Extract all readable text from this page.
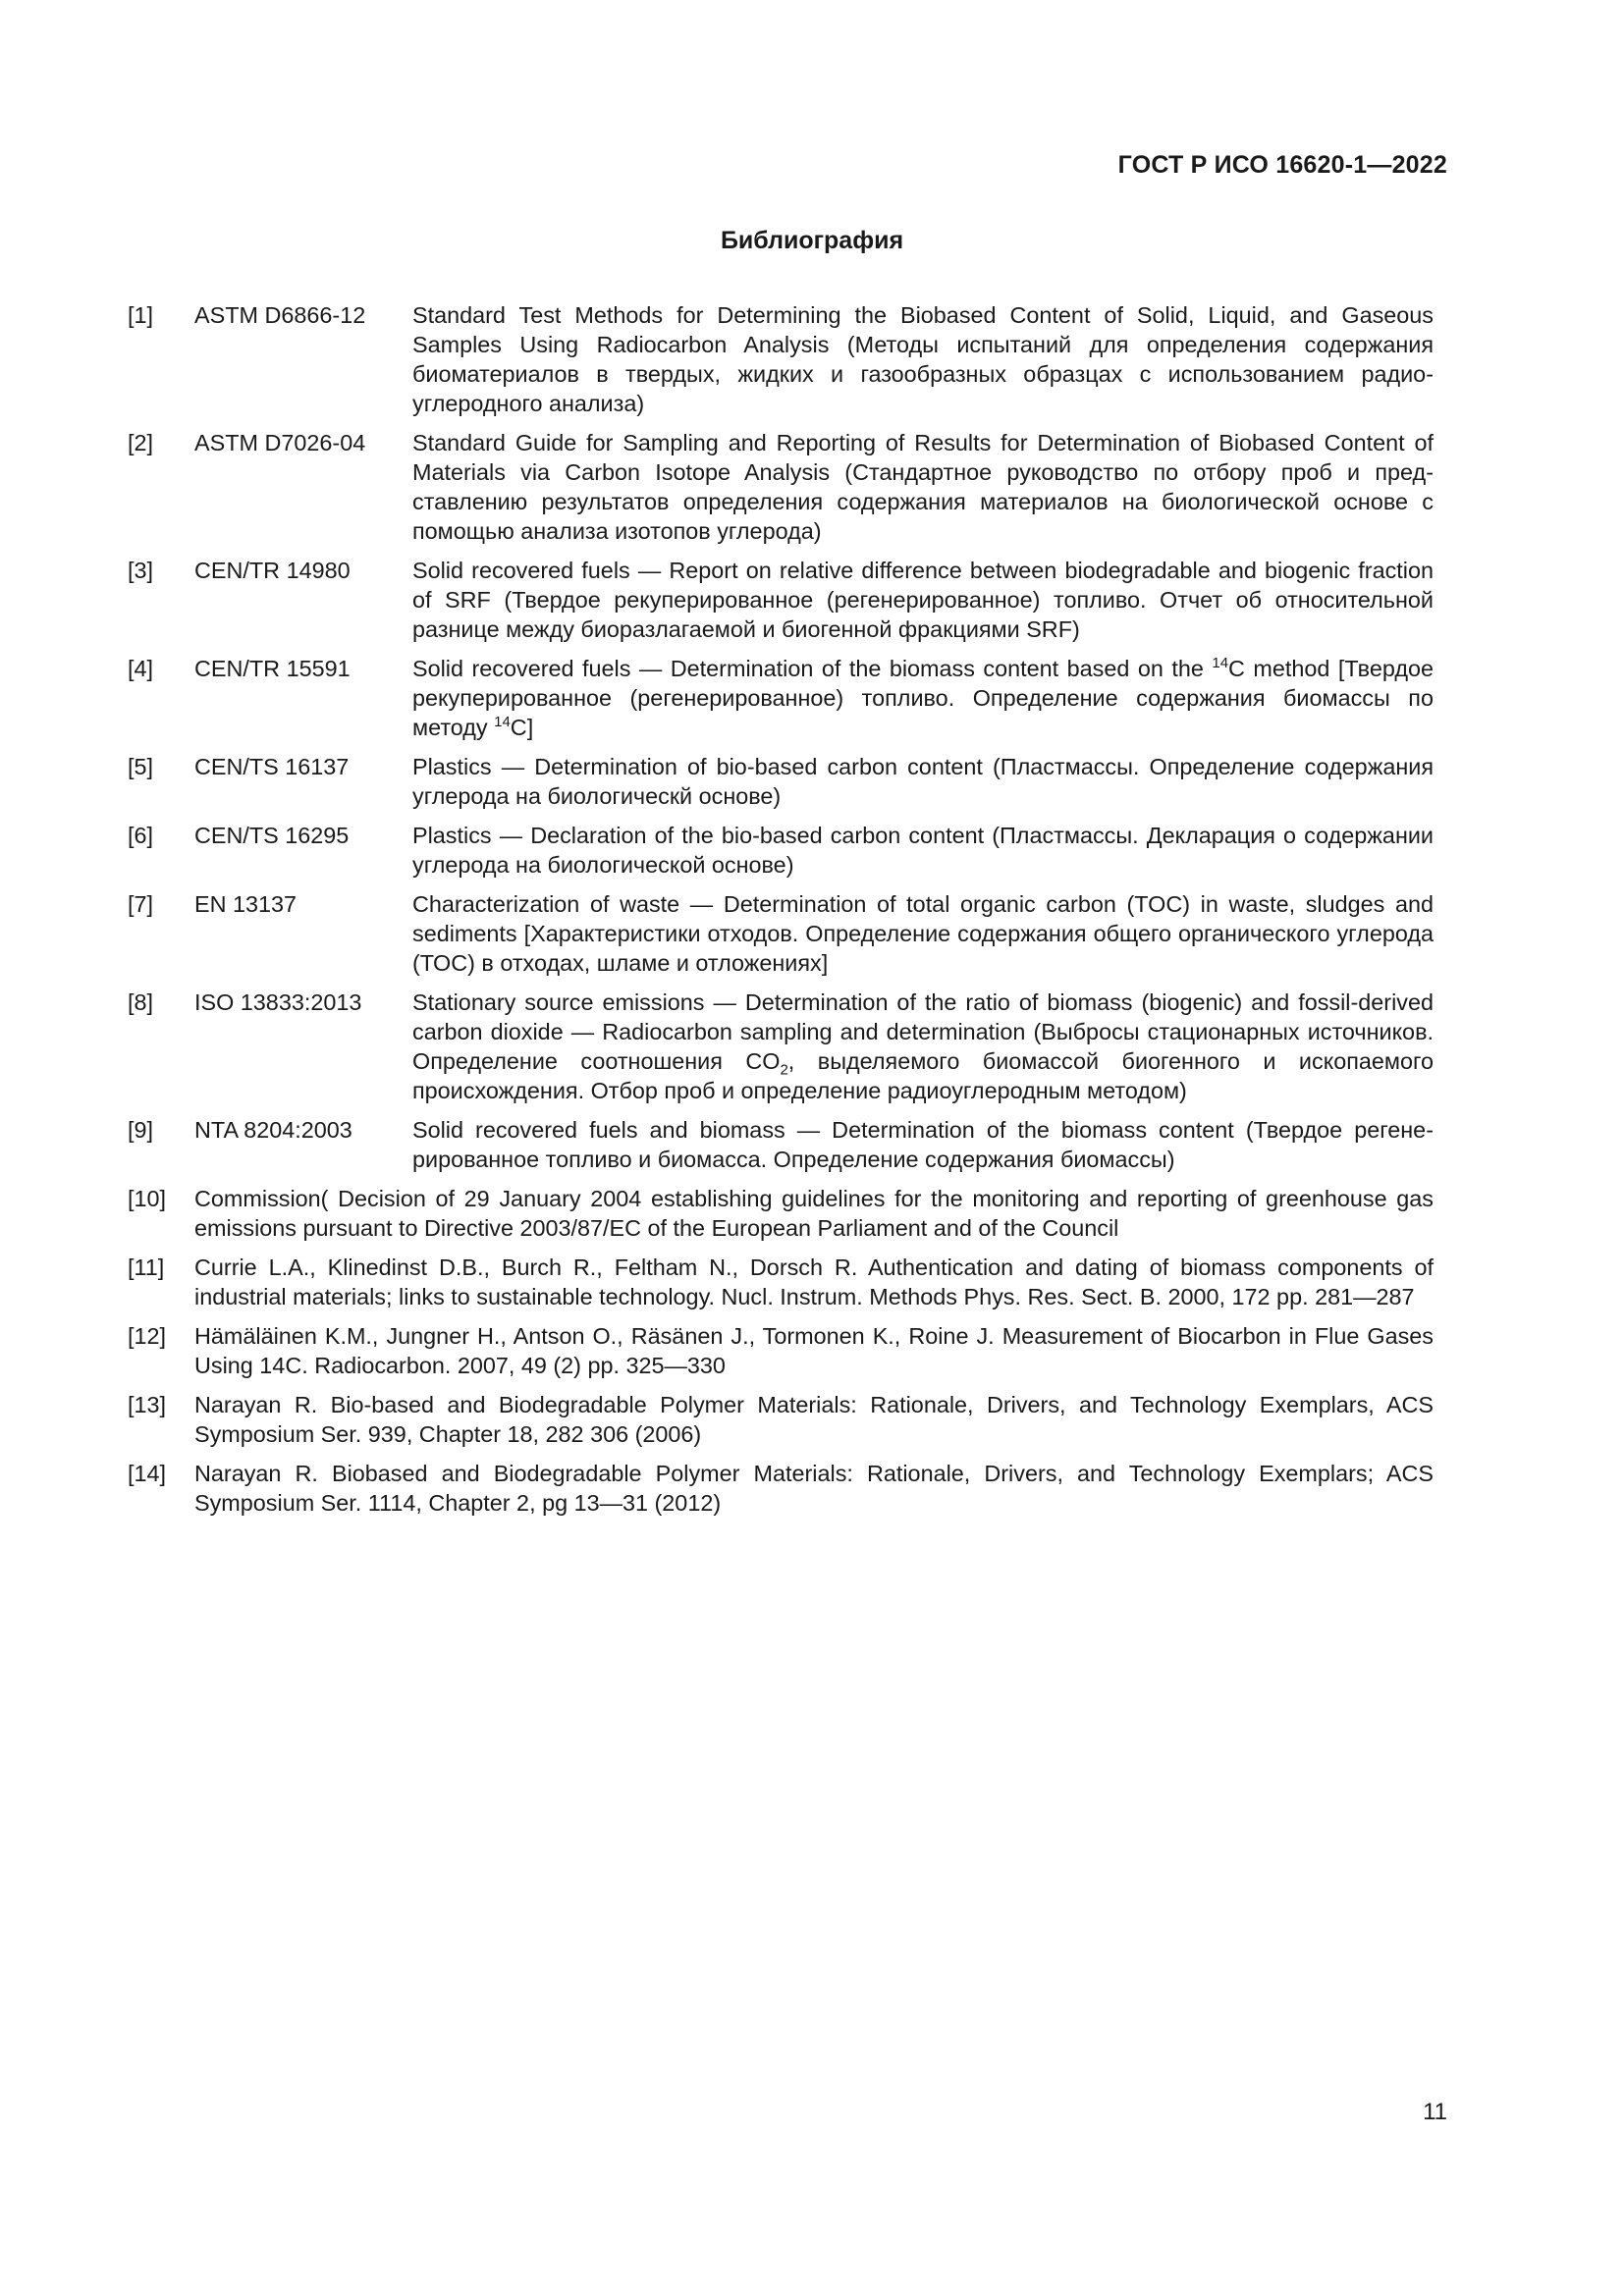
ГОСТ Р ИСО 16620-1—2022
Библиография
[1]	ASTM D6866-12	Standard Test Methods for Determining the Biobased Content of Solid, Liquid, and Gaseous Samples Using Radiocarbon Analysis (Методы испытаний для определения содержания биоматериалов в твердых, жидких и газообразных образцах с использованием радиоуглеродного анализа)
[2]	ASTM D7026-04	Standard Guide for Sampling and Reporting of Results for Determination of Biobased Content of Materials via Carbon Isotope Analysis (Стандартное руководство по отбору проб и представлению результатов определения содержания материалов на биологической основе с помощью анализа изотопов углерода)
[3]	CEN/TR 14980	Solid recovered fuels — Report on relative difference between biodegradable and biogenic fraction of SRF (Твердое рекуперированное (регенерированное) топливо. Отчет об относительной разнице между биоразлагаемой и биогенной фракциями SRF)
[4]	CEN/TR 15591	Solid recovered fuels — Determination of the biomass content based on the $^{14}$C method [Твердое рекуперированное (регенерированное) топливо. Определение содержания биомассы по методу $^{14}$C]
[5]	CEN/TS 16137	Plastics — Determination of bio-based carbon content (Пластмассы. Определение содержания углерода на биологическй основе)
[6]	CEN/TS 16295	Plastics — Declaration of the bio-based carbon content (Пластмассы. Декларация о содержании углерода на биологической основе)
[7]	EN 13137	Characterization of waste — Determination of total organic carbon (TOC) in waste, sludges and sediments [Характеристики отходов. Определение содержания общего органического углерода (ТОС) в отходах, шламе и отложениях]
[8]	ISO 13833:2013	Stationary source emissions — Determination of the ratio of biomass (biogenic) and fossil-derived carbon dioxide — Radiocarbon sampling and determination (Выбросы стационарных источников. Определение соотношения $CO_2$, выделяемого биомассой биогенного и ископаемого происхождения. Отбор проб и определение радиоуглеродным методом)
[9]	NTA 8204:2003	Solid recovered fuels and biomass — Determination of the biomass content (Твердое регенерированное топливо и биомасса. Определение содержания биомассы)
[10]	Commission( Decision of 29 January 2004 establishing guidelines for the monitoring and reporting of greenhouse gas emissions pursuant to Directive 2003/87/EC of the European Parliament and of the Council
[11]	Currie L.A., Klinedinst D.B., Burch R., Feltham N., Dorsch R. Authentication and dating of biomass components of industrial materials; links to sustainable technology. Nucl. Instrum. Methods Phys. Res. Sect. B. 2000, 172 pp. 281—287
[12]	Hämäläinen K.M., Jungner H., Antson O., Räsänen J., Tormonen K., Roine J. Measurement of Biocarbon in Flue Gases Using 14C. Radiocarbon. 2007, 49 (2) pp. 325—330
[13]	Narayan R. Bio-based and Biodegradable Polymer Materials: Rationale, Drivers, and Technology Exemplars, ACS Symposium Ser. 939, Chapter 18, 282 306 (2006)
[14]	Narayan R. Biobased and Biodegradable Polymer Materials: Rationale, Drivers, and Technology Exemplars; ACS Symposium Ser. 1114, Chapter 2, pg 13—31 (2012)
11
